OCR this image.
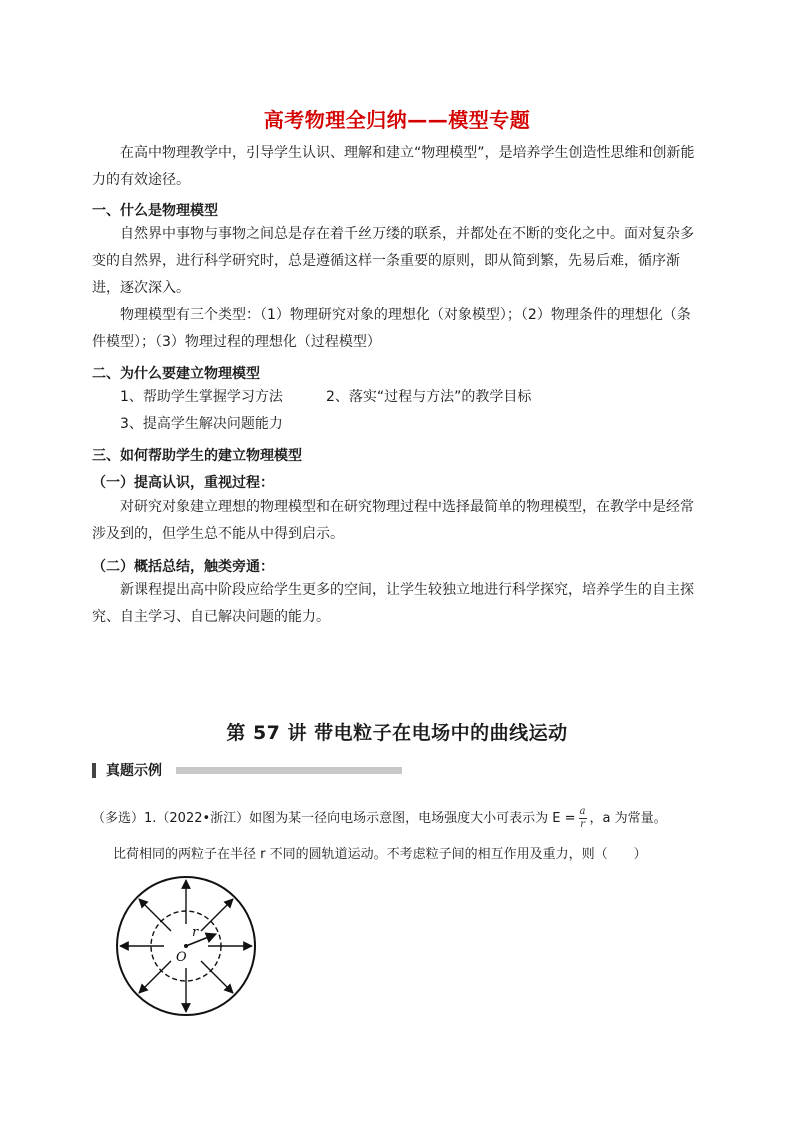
高考物理全归纳——模型专题
在高中物理教学中，引导学生认识、理解和建立“物理模型”，是培养学生创造性思维和创新能力的有效途径。
一、什么是物理模型
自然界中事物与事物之间总是存在着千丝万缕的联系，并都处在不断的变化之中。面对复杂多变的自然界，进行科学研究时，总是遵循这样一条重要的原则，即从简到繁，先易后难，循序渐进，逐次深入。
物理模型有三个类型：（1）物理研究对象的理想化（对象模型）；（2）物理条件的理想化（条件模型）；（3）物理过程的理想化（过程模型）
二、为什么要建立物理模型
1、帮助学生掌握学习方法	2、落实“过程与方法”的教学目标
3、提高学生解决问题能力
三、如何帮助学生的建立物理模型
（一）提高认识，重视过程：
对研究对象建立理想的物理模型和在研究物理过程中选择最简单的物理模型，在教学中是经常涉及到的，但学生总不能从中得到启示。
（二）概括总结，触类旁通：
新课程提出高中阶段应给学生更多的空间，让学生较独立地进行科学探究，培养学生的自主探究、自主学习、自已解决问题的能力。
第 57 讲 带电粒子在电场中的曲线运动
真题示例
（多选）1.（2022•浙江）如图为某一径向电场示意图，电场强度大小可表示为 $E = \frac{a}{r}$ ，a 为常量。
比荷相同的两粒子在半径 r 不同的圆轨道运动。不考虑粒子间的相互作用及重力，则（　　）
r
O
